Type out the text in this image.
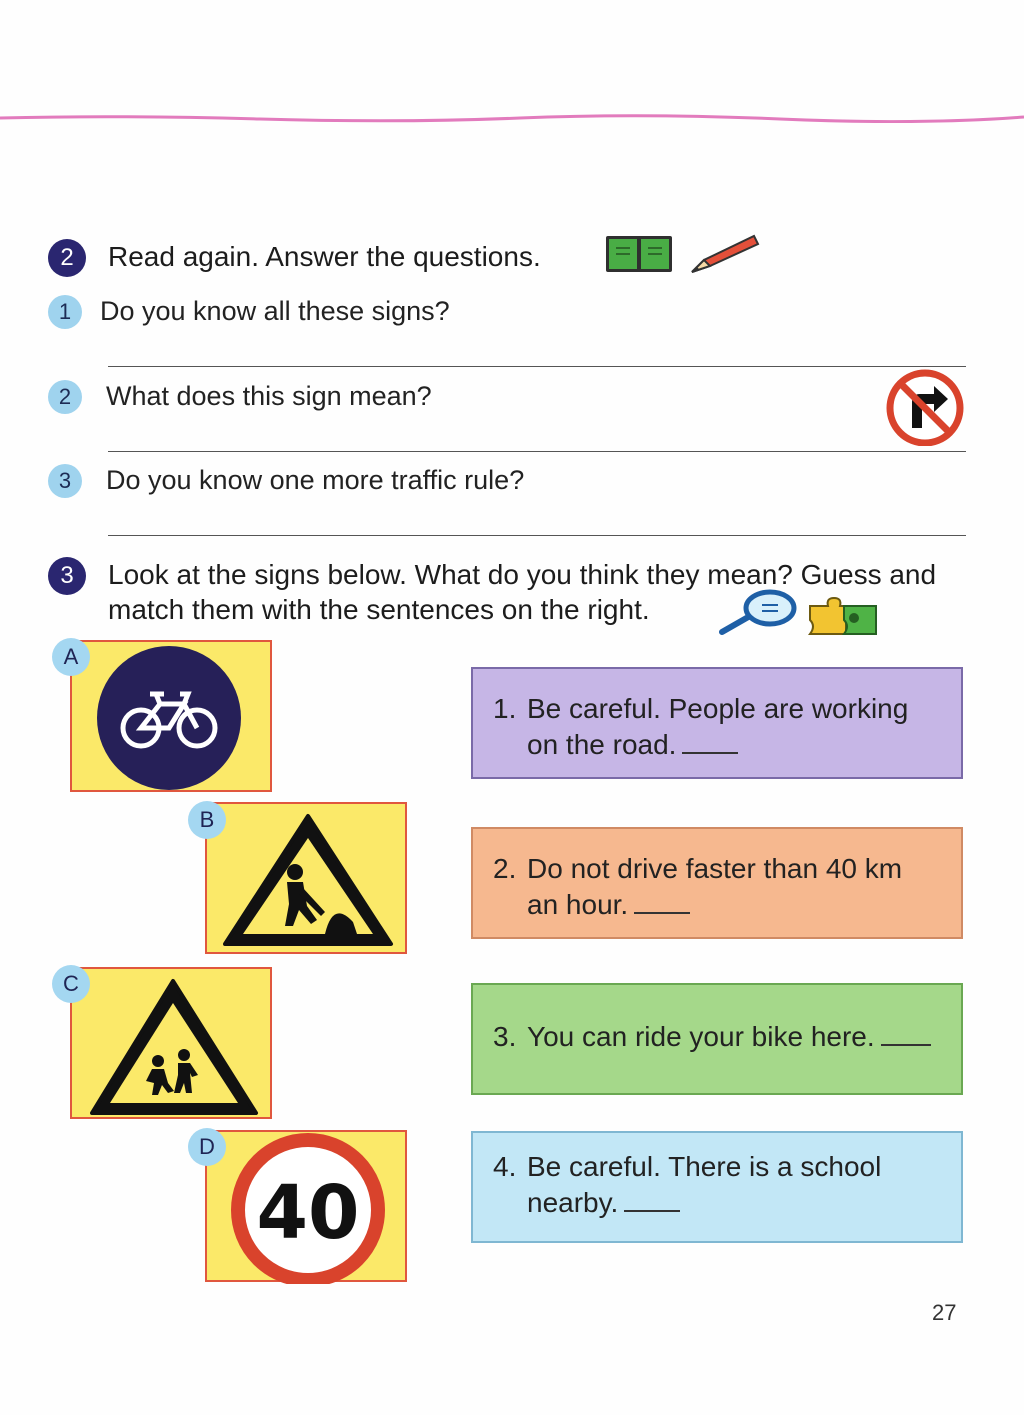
2	Read again. Answer the questions.
1	Do you know all these signs?
2	What does this sign mean?
3	Do you know one more traffic rule?
3	Look at the signs below. What do you think they mean? Guess and
match them with the sentences on the right.
A
B
C
D
40
1. Be careful. People are working
on the road.
2. Do not drive faster than 40 km
an hour.
3. You can ride your bike here.
4. Be careful. There is a school
nearby.
27
